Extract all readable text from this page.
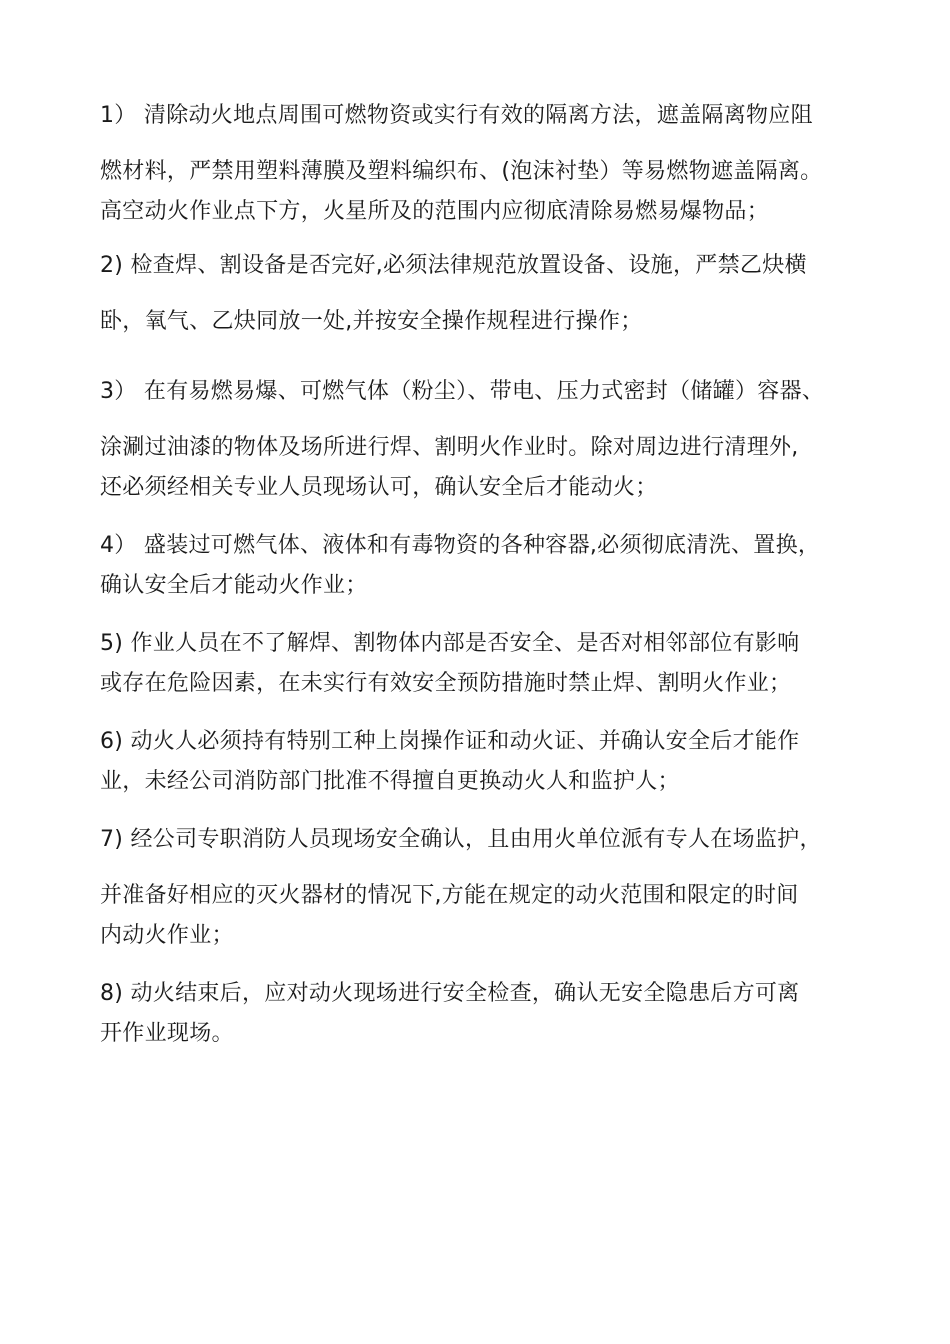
1） 清除动火地点周围可燃物资或实行有效的隔离方法，遮盖隔离物应阻
燃材料，严禁用塑料薄膜及塑料编织布、(泡沫衬垫）等易燃物遮盖隔离。
高空动火作业点下方，火星所及的范围内应彻底清除易燃易爆物品；
2) 检查焊、割设备是否完好,必须法律规范放置设备、设施，严禁乙炔横
卧，氧气、乙炔同放一处,并按安全操作规程进行操作；
3） 在有易燃易爆、可燃气体（粉尘）、带电、压力式密封（储罐）容器、
涂涮过油漆的物体及场所进行焊、割明火作业时。除对周边进行清理外,
还必须经相关专业人员现场认可，确认安全后才能动火；
4） 盛装过可燃气体、液体和有毒物资的各种容器,必须彻底清洗、置换，
确认安全后才能动火作业；
5) 作业人员在不了解焊、割物体内部是否安全、是否对相邻部位有影响
或存在危险因素，在未实行有效安全预防措施时禁止焊、割明火作业；
6) 动火人必须持有特别工种上岗操作证和动火证、并确认安全后才能作
业，未经公司消防部门批准不得擅自更换动火人和监护人；
7) 经公司专职消防人员现场安全确认，且由用火单位派有专人在场监护，
并准备好相应的灭火器材的情况下,方能在规定的动火范围和限定的时间
内动火作业；
8) 动火结束后，应对动火现场进行安全检查，确认无安全隐患后方可离
开作业现场。
